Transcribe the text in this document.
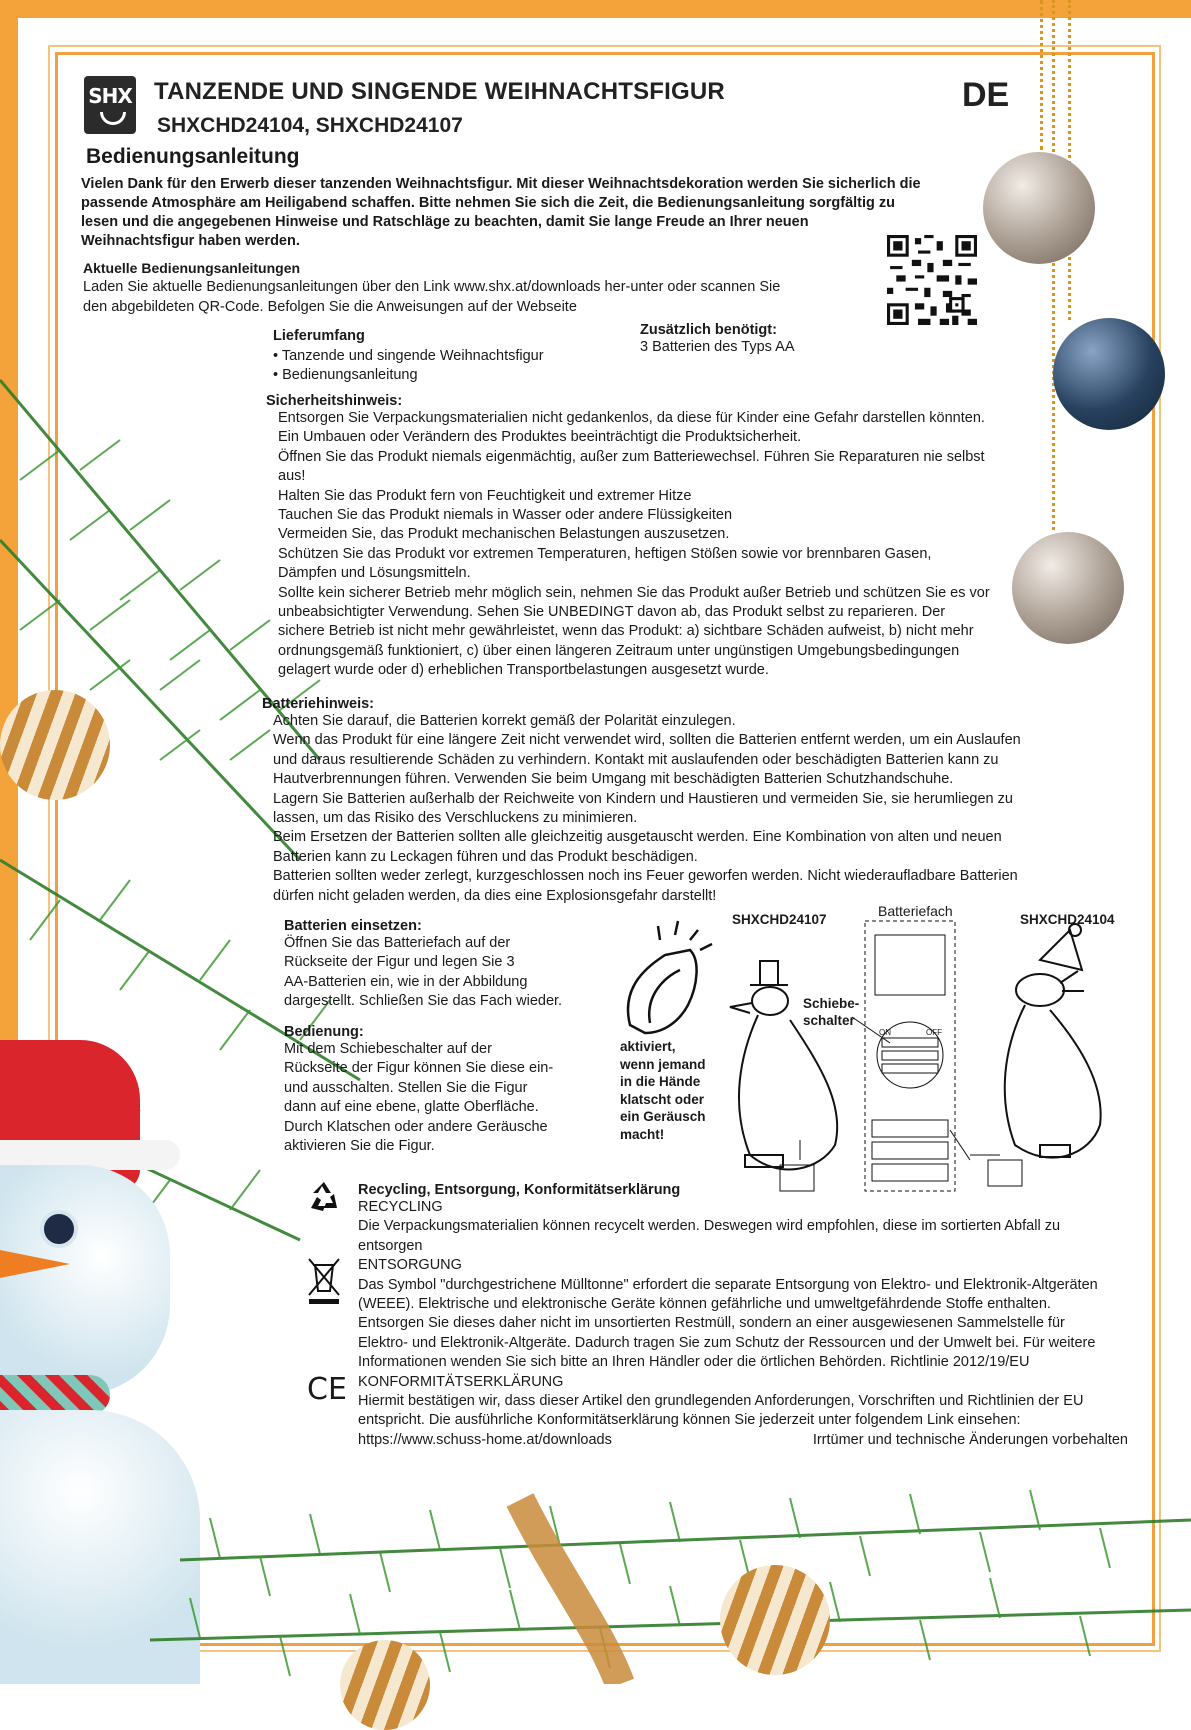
SHX TANZENDE UND SINGENDE WEIHNACHTSFIGUR
SHXCHD24104, SHXCHD24107
DE
Bedienungsanleitung
Vielen Dank für den Erwerb dieser tanzenden Weihnachtsfigur. Mit dieser Weihnachtsdekoration werden Sie sicherlich die
passende Atmosphäre am Heiligabend schaffen. Bitte nehmen Sie sich die Zeit, die Bedienungsanleitung sorgfältig zu
lesen und die angegebenen Hinweise und Ratschläge zu beachten, damit Sie lange Freude an Ihrer neuen
Weihnachtsfigur haben werden.
Aktuelle Bedienungsanleitungen
Laden Sie aktuelle Bedienungsanleitungen über den Link www.shx.at/downloads her-unter oder scannen Sie
den abgebildeten QR-Code. Befolgen Sie die Anweisungen auf der Webseite
Lieferumfang
• Tanzende und singende Weihnachtsfigur
• Bedienungsanleitung
Zusätzlich benötigt:
3 Batterien des Typs AA
Sicherheitshinweis:
Entsorgen Sie Verpackungsmaterialien nicht gedankenlos, da diese für Kinder eine Gefahr darstellen könnten.
Ein Umbauen oder Verändern des Produktes beeinträchtigt die Produktsicherheit.
Öffnen Sie das Produkt niemals eigenmächtig, außer zum Batteriewechsel. Führen Sie Reparaturen nie selbst
aus!
Halten Sie das Produkt fern von Feuchtigkeit und extremer Hitze
Tauchen Sie das Produkt niemals in Wasser oder andere Flüssigkeiten
Vermeiden Sie, das Produkt mechanischen Belastungen auszusetzen.
Schützen Sie das Produkt vor extremen Temperaturen, heftigen Stößen sowie vor brennbaren Gasen,
Dämpfen und Lösungsmitteln.
Sollte kein sicherer Betrieb mehr möglich sein, nehmen Sie das Produkt außer Betrieb und schützen Sie es vor
unbeabsichtigter Verwendung. Sehen Sie UNBEDINGT davon ab, das Produkt selbst zu reparieren. Der
sichere Betrieb ist nicht mehr gewährleistet, wenn das Produkt: a) sichtbare Schäden aufweist, b) nicht mehr
ordnungsgemäß funktioniert, c) über einen längeren Zeitraum unter ungünstigen Umgebungsbedingungen
gelagert wurde oder d) erheblichen Transportbelastungen ausgesetzt wurde.
Batteriehinweis:
Achten Sie darauf, die Batterien korrekt gemäß der Polarität einzulegen.
Wenn das Produkt für eine längere Zeit nicht verwendet wird, sollten die Batterien entfernt werden, um ein Auslaufen
und daraus resultierende Schäden zu verhindern. Kontakt mit auslaufenden oder beschädigten Batterien kann zu
Hautverbrennungen führen. Verwenden Sie beim Umgang mit beschädigten Batterien Schutzhandschuhe.
Lagern Sie Batterien außerhalb der Reichweite von Kindern und Haustieren und vermeiden Sie, sie herumliegen zu
lassen, um das Risiko des Verschluckens zu minimieren.
Beim Ersetzen der Batterien sollten alle gleichzeitig ausgetauscht werden. Eine Kombination von alten und neuen
Batterien kann zu Leckagen führen und das Produkt beschädigen.
Batterien sollten weder zerlegt, kurzgeschlossen noch ins Feuer geworfen werden. Nicht wiederaufladbare Batterien
dürfen nicht geladen werden, da dies eine Explosionsgefahr darstellt!
Batterien einsetzen:
Öffnen Sie das Batteriefach auf der
Rückseite der Figur und legen Sie 3
AA-Batterien ein, wie in der Abbildung
dargestellt. Schließen Sie das Fach wieder.
Bedienung:
Mit dem Schiebeschalter auf der
Rückseite der Figur können Sie diese ein-
und ausschalten. Stellen Sie die Figur
dann auf eine ebene, glatte Oberfläche.
Durch Klatschen oder andere Geräusche
aktivieren Sie die Figur.
SHXCHD24107
Batteriefach
SHXCHD24104
Schiebe-
schalter
aktiviert,
wenn jemand
in die Hände
klatscht oder
ein Geräusch
macht!
ON	OFF
CE
Recycling, Entsorgung, Konformitätserklärung
RECYCLING
Die Verpackungsmaterialien können recycelt werden. Deswegen wird empfohlen, diese im sortierten Abfall zu
entsorgen
ENTSORGUNG
Das Symbol "durchgestrichene Mülltonne" erfordert die separate Entsorgung von Elektro- und Elektronik-Altgeräten
(WEEE). Elektrische und elektronische Geräte können gefährliche und umweltgefährdende Stoffe enthalten.
Entsorgen Sie dieses daher nicht im unsortierten Restmüll, sondern an einer ausgewiesenen Sammelstelle für
Elektro- und Elektronik-Altgeräte. Dadurch tragen Sie zum Schutz der Ressourcen und der Umwelt bei. Für weitere
Informationen wenden Sie sich bitte an Ihren Händler oder die örtlichen Behörden. Richtlinie 2012/19/EU
KONFORMITÄTSERKLÄRUNG
Hiermit bestätigen wir, dass dieser Artikel den grundlegenden Anforderungen, Vorschriften und Richtlinien der EU
entspricht. Die ausführliche Konformitätserklärung können Sie jederzeit unter folgendem Link einsehen:
https://www.schuss-home.at/downloads	Irrtümer und technische Änderungen vorbehalten
